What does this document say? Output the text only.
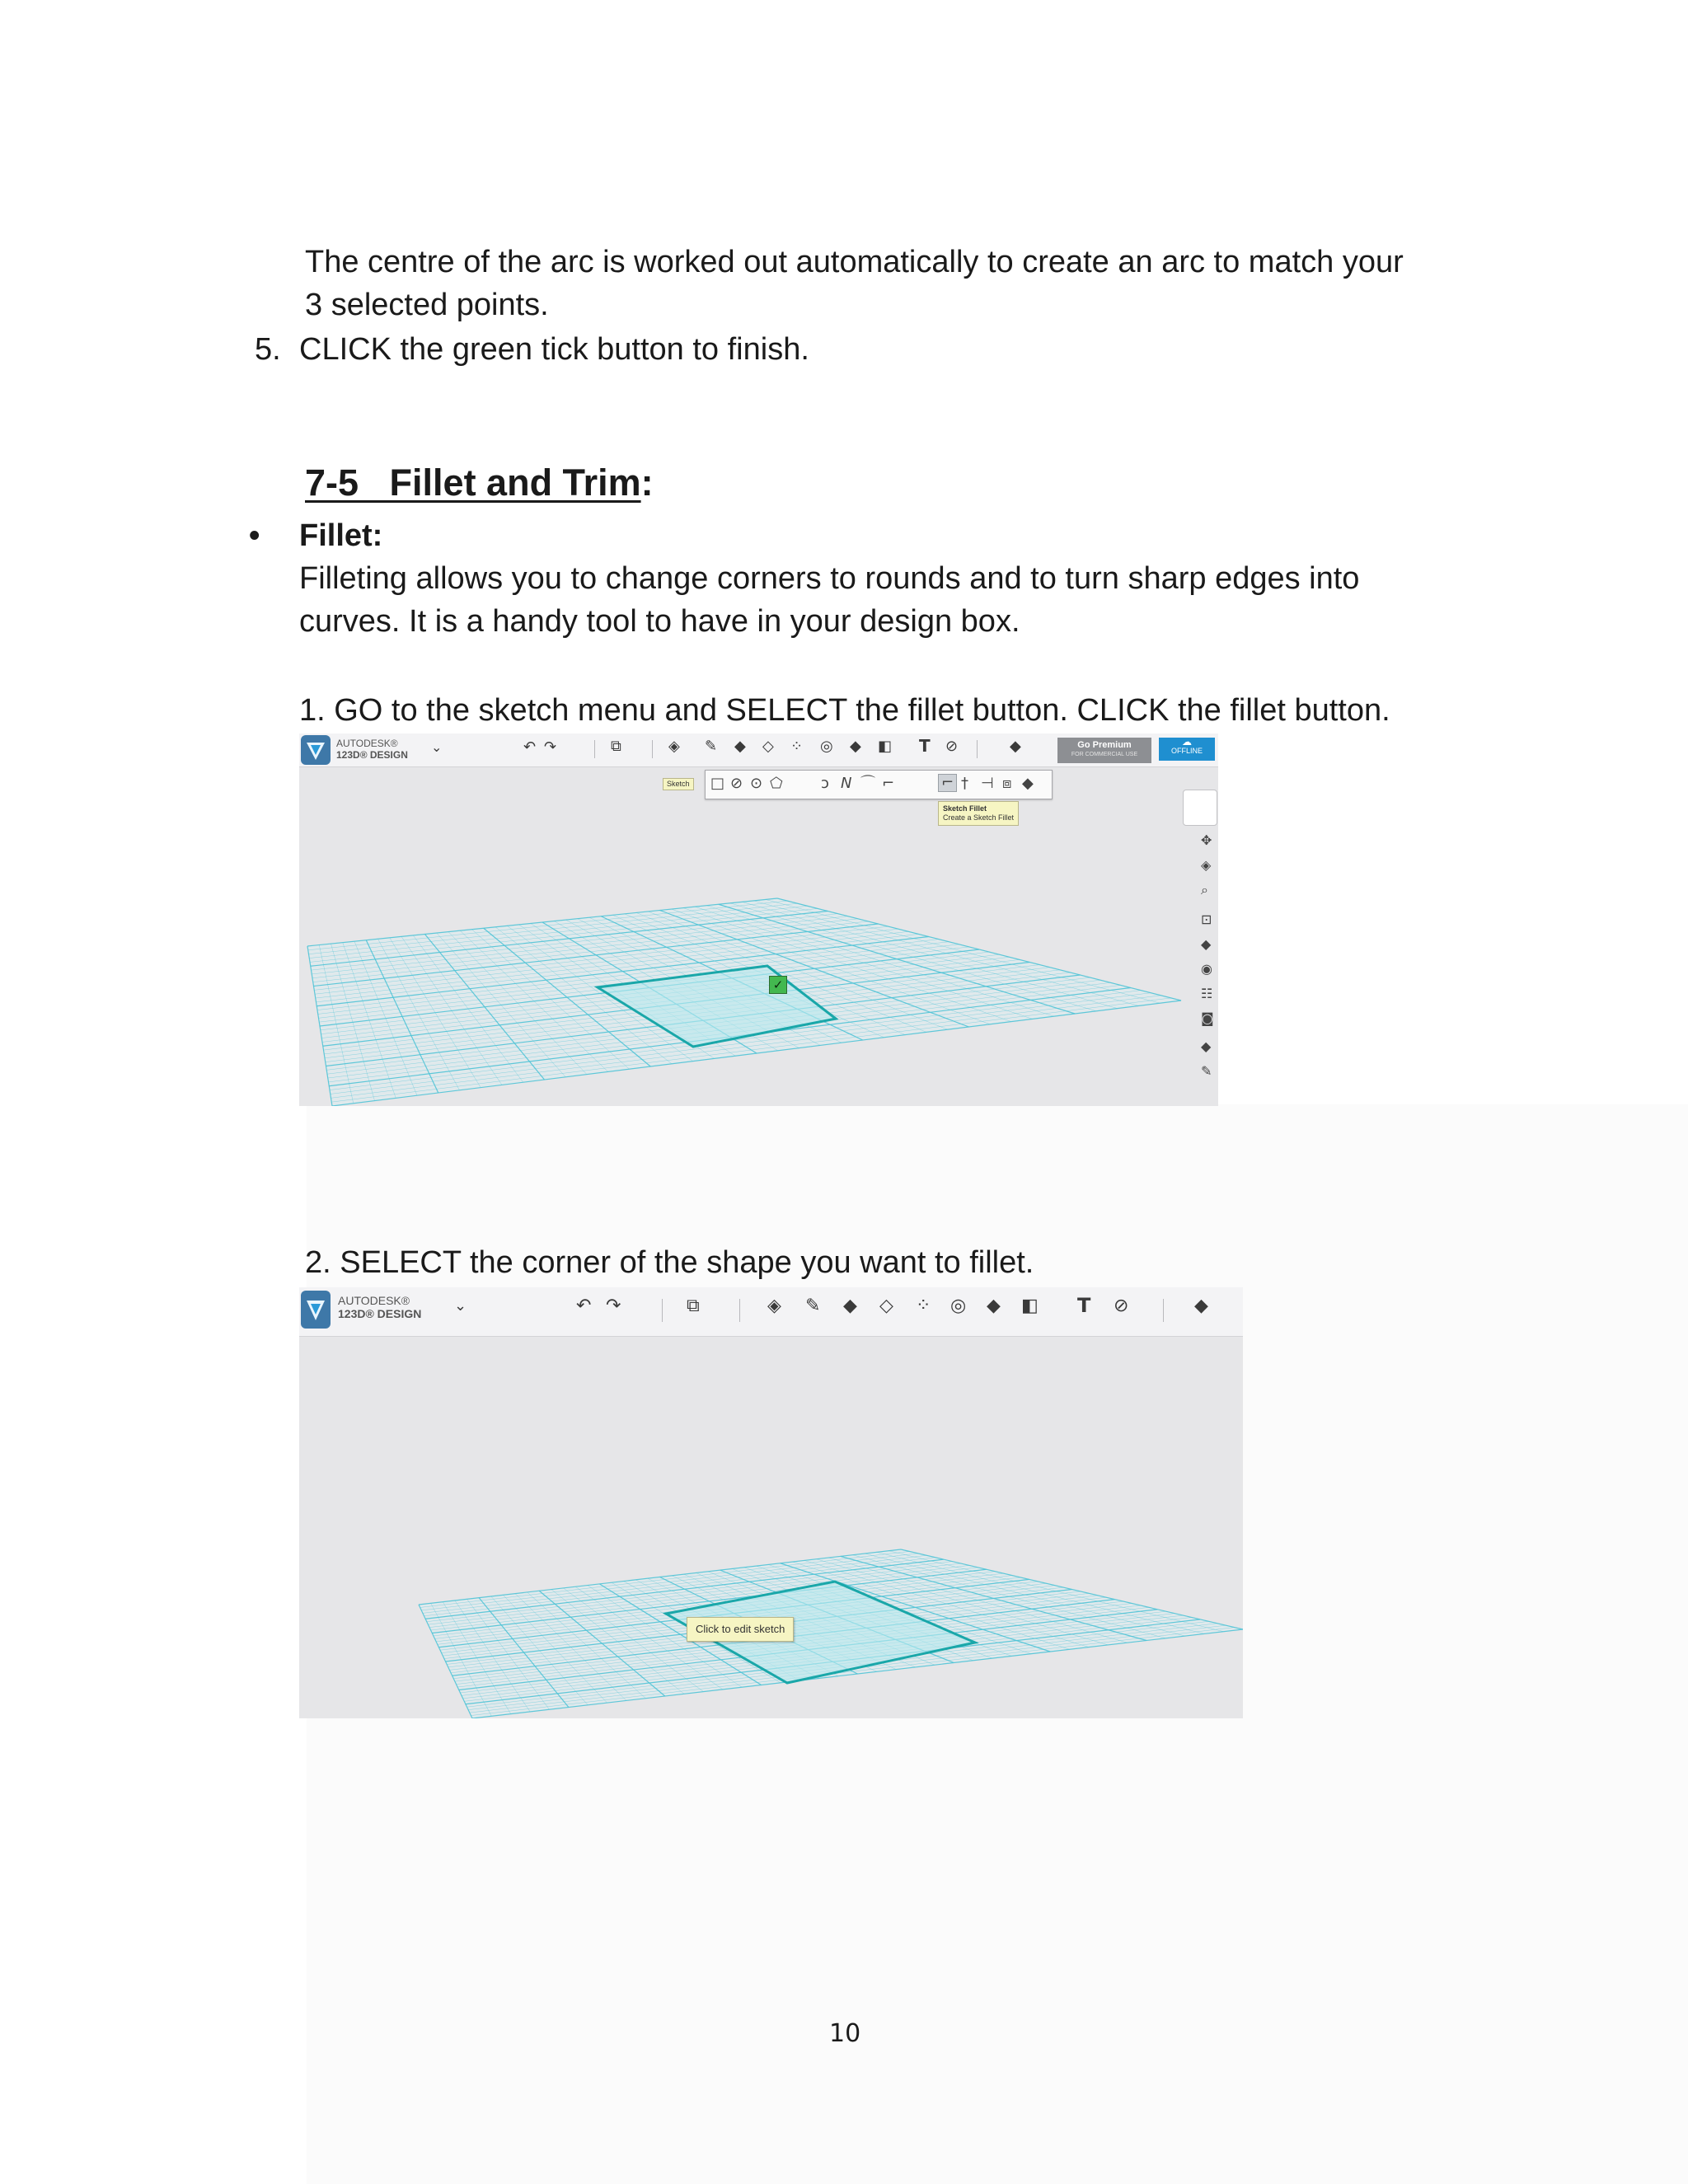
The centre of the arc is worked out automatically to create an arc to match your
3 selected points.
5. CLICK the green tick button to finish.
7-5   Fillet and Trim:
• Fillet:
Filleting allows you to change corners to rounds and to turn sharp edges into
curves. It is a handy tool to have in your design box.
1. GO to the sketch menu and SELECT the fillet button. CLICK the fillet button.
AUTODESK®
123D® DESIGN ⌄	↶ ↷	⧉	◈ ✎ ◆ ◇ ⁘ ◎ ◆ ◧ T ⊘	◆	Go Premium
FOR COMMERCIAL USE
☁
OFFLINE
Sketch □ ⊘ ⊙ ⬠	ↄ N ⌒ ⌐	⌐ † ⊣ ⧈ ◆
Sketch Fillet
Create a Sketch Fillet
✥
◈
⌕
⊡
◆
◉
☷
◙
◆
✎
✓
2. SELECT the corner of the shape you want to fillet.
AUTODESK®
123D® DESIGN ⌄	↶ ↷	⧉	◈ ✎ ◆ ◇ ⁘ ◎ ◆ ◧ T ⊘	◆
Click to edit sketch
10
